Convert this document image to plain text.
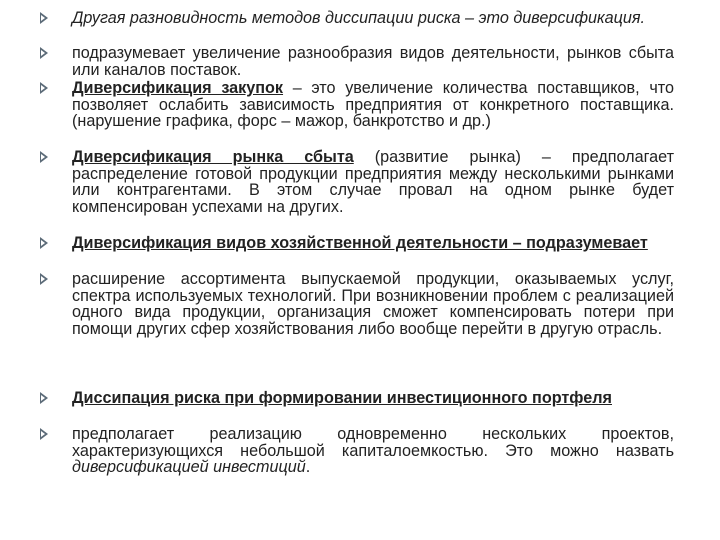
Другая разновидность методов диссипации риска – это диверсификация.
подразумевает увеличение разнообразия видов деятельности, рынков сбыта или каналов поставок.
Диверсификация закупок – это увеличение количества поставщиков, что позволяет ослабить зависимость предприятия от конкретного поставщика. (нарушение графика, форс – мажор, банкротство и др.)
Диверсификация рынка сбыта (развитие рынка) – предполагает распределение готовой продукции предприятия между несколькими рынками или контрагентами. В этом случае провал на одном рынке будет компенсирован успехами на других.
Диверсификация видов хозяйственной деятельности – подразумевает
расширение ассортимента выпускаемой продукции, оказываемых услуг, спектра используемых технологий. При возникновении проблем с реализацией одного вида продукции, организация сможет компенсировать потери при помощи других сфер хозяйствования либо вообще перейти в другую отрасль.
Диссипация риска при формировании инвестиционного портфеля
предполагает реализацию одновременно нескольких проектов, характеризующихся небольшой капиталоемкостью. Это можно назвать диверсификацией инвестиций.
